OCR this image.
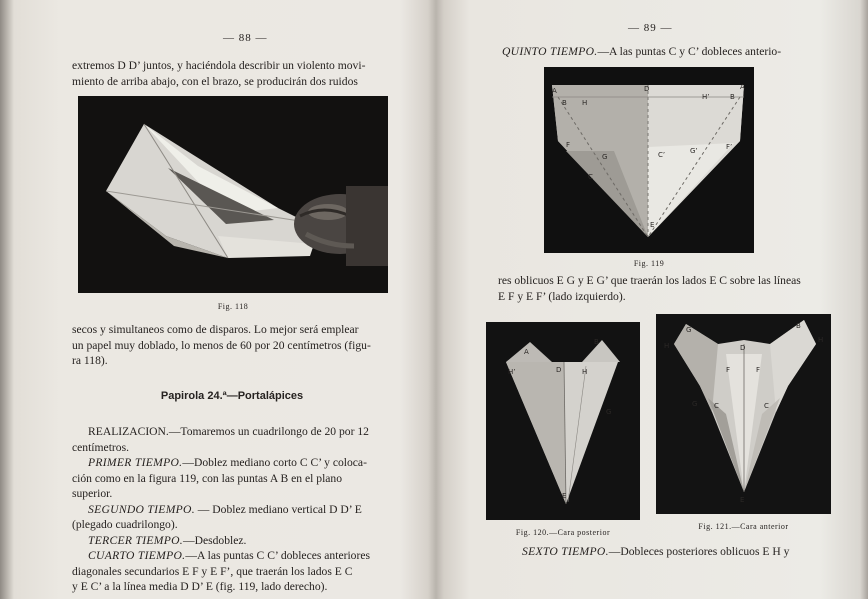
— 88 —

extremos D D’ juntos, y haciéndola describir un violento movi-

miento de arriba abajo, con el brazo, se producirán dos ruidos

Fig. 118

secos y simultaneos como de disparos. Lo mejor será emplear

un papel muy doblado, lo menos de 60 por 20 centímetros (figu-

ra 118).

Papirola 24.ª—Portalápices

REALIZACION.—Tomaremos un cuadrilongo de 20 por 12

centímetros.

PRIMER TIEMPO.—Doblez mediano corto C C’ y coloca-

ción como en la figura 119, con las puntas A B en el plano

superior.

SEGUNDO TIEMPO. — Doblez mediano vertical D D’ E

(plegado cuadrilongo).

TERCER TIEMPO.—Desdoblez.

CUARTO TIEMPO.—A las puntas C C’ dobleces anteriores

diagonales secundarios E F y E F’, que traerán los lados E C

y E C’ a la línea media D D’ E (fig. 119, lado derecho).

— 89 —

QUINTO TIEMPO.—A las puntas C y C’ dobleces anterio-

A
B H
D
H’	B
A
G
C
C’	G’	F’
F
E
Fig. 119

res oblicuos E G y E G’ que traerán los lados E C sobre las líneas

E F y E F’ (lado izquierdo).

A
B
H’	D	H
G
E
Fig. 120.—Cara posterior
G	B
H	D
H
F	F
C	C
G
E
Fig. 121.—Cara anterior

SEXTO TIEMPO.—Dobleces posteriores oblicuos E H y
